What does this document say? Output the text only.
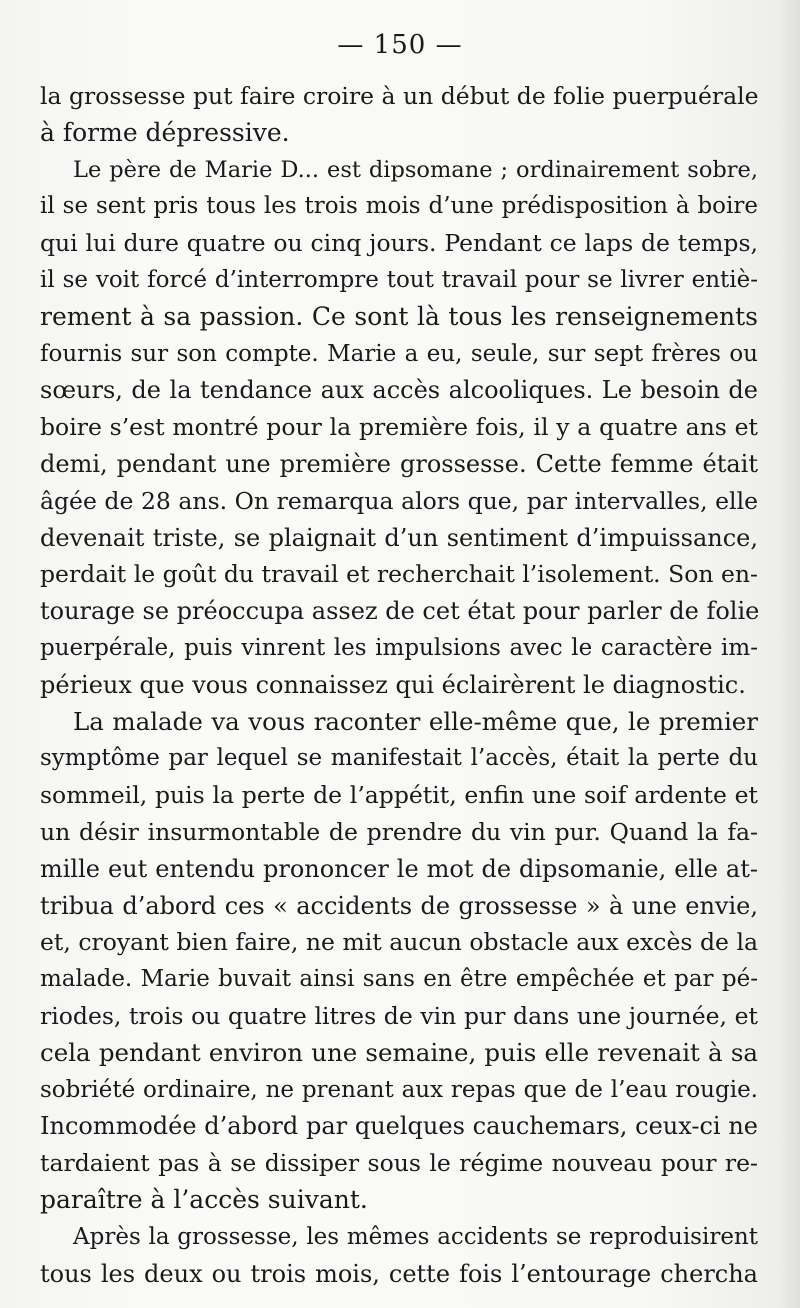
— 150 —
la grossesse put faire croire à un début de folie puerpuérale
à forme dépressive.
Le père de Marie D... est dipsomane ; ordinairement sobre,
il se sent pris tous les trois mois d’une prédisposition à boire
qui lui dure quatre ou cinq jours. Pendant ce laps de temps,
il se voit forcé d’interrompre tout travail pour se livrer entiè-
rement à sa passion. Ce sont là tous les renseignements
fournis sur son compte. Marie a eu, seule, sur sept frères ou
sœurs, de la tendance aux accès alcooliques. Le besoin de
boire s’est montré pour la première fois, il y a quatre ans et
demi, pendant une première grossesse. Cette femme était
âgée de 28 ans. On remarqua alors que, par intervalles, elle
devenait triste, se plaignait d’un sentiment d’impuissance,
perdait le goût du travail et recherchait l’isolement. Son en-
tourage se préoccupa assez de cet état pour parler de folie
puerpérale, puis vinrent les impulsions avec le caractère im-
périeux que vous connaissez qui éclairèrent le diagnostic.
La malade va vous raconter elle-même que, le premier
symptôme par lequel se manifestait l’accès, était la perte du
sommeil, puis la perte de l’appétit, enfin une soif ardente et
un désir insurmontable de prendre du vin pur. Quand la fa-
mille eut entendu prononcer le mot de dipsomanie, elle at-
tribua d’abord ces « accidents de grossesse » à une envie,
et, croyant bien faire, ne mit aucun obstacle aux excès de la
malade. Marie buvait ainsi sans en être empêchée et par pé-
riodes, trois ou quatre litres de vin pur dans une journée, et
cela pendant environ une semaine, puis elle revenait à sa
sobriété ordinaire, ne prenant aux repas que de l’eau rougie.
Incommodée d’abord par quelques cauchemars, ceux-ci ne
tardaient pas à se dissiper sous le régime nouveau pour re-
paraître à l’accès suivant.
Après la grossesse, les mêmes accidents se reproduisirent
tous les deux ou trois mois, cette fois l’entourage chercha
